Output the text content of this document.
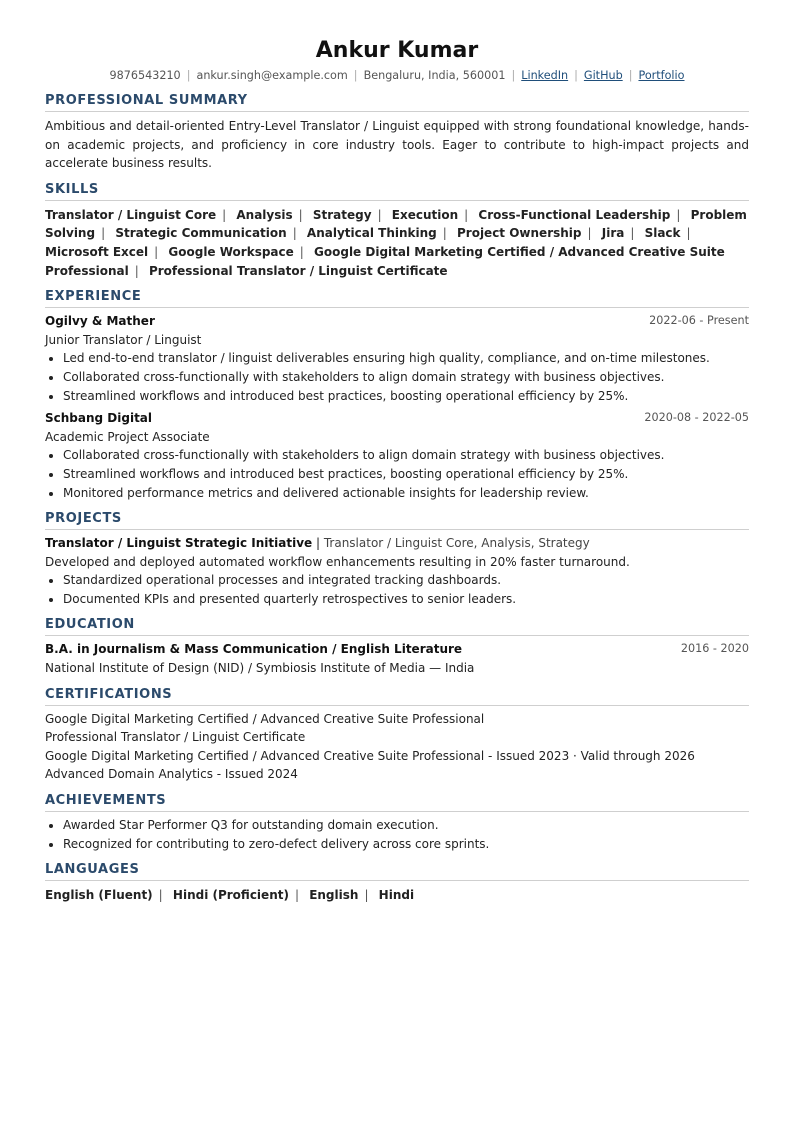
Ankur Kumar
9876543210 | ankur.singh@example.com | Bengaluru, India, 560001 | LinkedIn | GitHub | Portfolio
PROFESSIONAL SUMMARY
Ambitious and detail-oriented Entry-Level Translator / Linguist equipped with strong foundational knowledge, hands-on academic projects, and proficiency in core industry tools. Eager to contribute to high-impact projects and accelerate business results.
SKILLS
Translator / Linguist Core | Analysis | Strategy | Execution | Cross-Functional Leadership | Problem Solving | Strategic Communication | Analytical Thinking | Project Ownership | Jira | Slack | Microsoft Excel | Google Workspace | Google Digital Marketing Certified / Advanced Creative Suite Professional | Professional Translator / Linguist Certificate
EXPERIENCE
Ogilvy & Mather	2022-06 - Present
Junior Translator / Linguist
• Led end-to-end translator / linguist deliverables ensuring high quality, compliance, and on-time milestones.
• Collaborated cross-functionally with stakeholders to align domain strategy with business objectives.
• Streamlined workflows and introduced best practices, boosting operational efficiency by 25%.
Schbang Digital	2020-08 - 2022-05
Academic Project Associate
• Collaborated cross-functionally with stakeholders to align domain strategy with business objectives.
• Streamlined workflows and introduced best practices, boosting operational efficiency by 25%.
• Monitored performance metrics and delivered actionable insights for leadership review.
PROJECTS
Translator / Linguist Strategic Initiative | Translator / Linguist Core, Analysis, Strategy
Developed and deployed automated workflow enhancements resulting in 20% faster turnaround.
• Standardized operational processes and integrated tracking dashboards.
• Documented KPIs and presented quarterly retrospectives to senior leaders.
EDUCATION
B.A. in Journalism & Mass Communication / English Literature	2016 - 2020
National Institute of Design (NID) / Symbiosis Institute of Media — India
CERTIFICATIONS
Google Digital Marketing Certified / Advanced Creative Suite Professional
Professional Translator / Linguist Certificate
Google Digital Marketing Certified / Advanced Creative Suite Professional - Issued 2023 · Valid through 2026
Advanced Domain Analytics - Issued 2024
ACHIEVEMENTS
• Awarded Star Performer Q3 for outstanding domain execution.
• Recognized for contributing to zero-defect delivery across core sprints.
LANGUAGES
English (Fluent) | Hindi (Proficient) | English | Hindi
